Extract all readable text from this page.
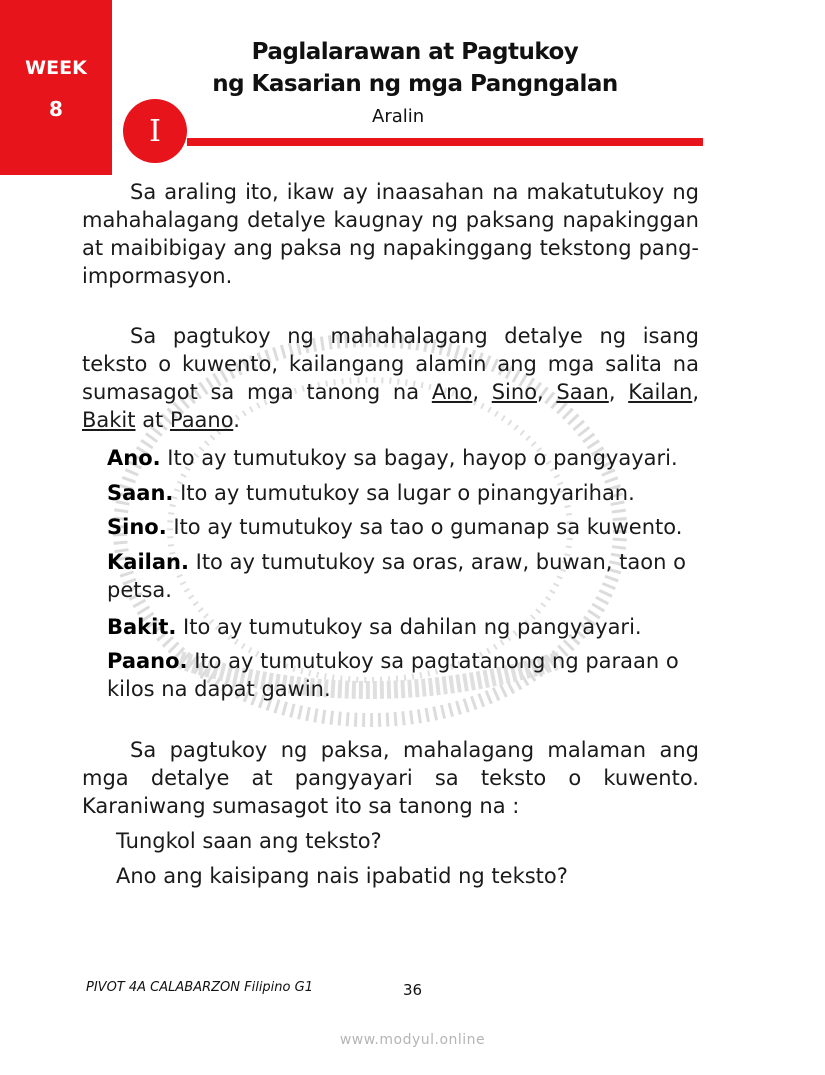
WEEK
8
Paglalarawan at Pagtukoy
ng Kasarian ng mga Pangngalan
I	Aralin
Sa araling ito, ikaw ay inaasahan na makatutukoy ng mahahalagang detalye kaugnay ng paksang napakinggan at maibibigay ang paksa ng napakinggang tekstong pang-impormasyon.
Sa pagtukoy ng mahahalagang detalye ng isang teksto o kuwento, kailangang alamin ang mga salita na sumasagot sa mga tanong na Ano, Sino, Saan, Kailan, Bakit at Paano.
Ano. Ito ay tumutukoy sa bagay, hayop o pangyayari.
Saan. Ito ay tumutukoy sa lugar o pinangyarihan.
Sino. Ito ay tumutukoy sa tao o gumanap sa kuwento.
Kailan. Ito ay tumutukoy sa oras, araw, buwan, taon o petsa.
Bakit. Ito ay tumutukoy sa dahilan ng pangyayari.
Paano. Ito ay tumutukoy sa pagtatanong ng paraan o kilos na dapat gawin.
Sa pagtukoy ng paksa, mahalagang malaman ang mga detalye at pangyayari sa teksto o kuwento. Karaniwang sumasagot ito sa tanong na :
Tungkol saan ang teksto?
Ano ang kaisipang nais ipabatid ng teksto?
PIVOT 4A CALABARZON Filipino G1	36
www.modyul.online
